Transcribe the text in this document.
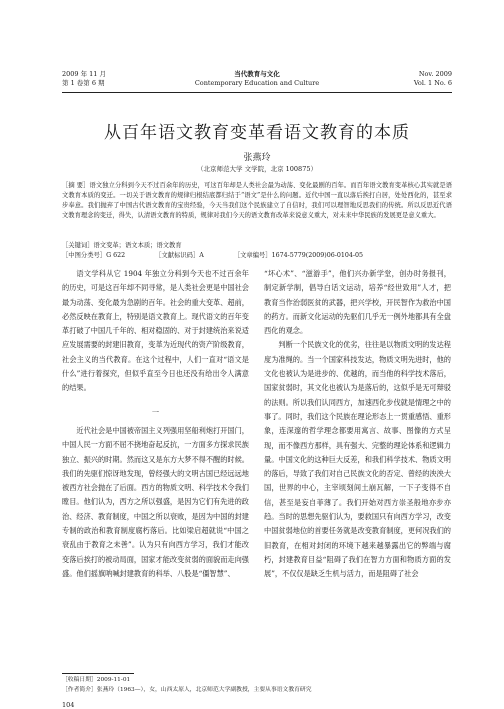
2009 年 11 月
第 1 卷第 6 期
当代教育与文化
Contemporary Education and Culture
Nov. 2009
Vol. 1 No. 6
从百年语文教育变革看语文教育的本质
张燕玲
（北京师范大学 文学院，北京 100875）
［摘 要］语文独立分科到今天不过百余年的历史，可这百年却是人类社会最为动荡、变化最剧的百年。而百年语文教育变革核心其实就是语文教育本质的变迁。一切关于语文教育的规律归根结底都归结于“语文”是什么的问题。近代中国一直以落后挨打自居，处处西化的，甚至求步奉意。我们抛弃了中国古代语文教育的宝贵经验，今天当我们这个民族建立了自信时，我们可以理智地反思我们的传统。所以反思近代语文教育理念的变迁，得失，认清语文教育的特质，规律对我们今天的语文教育改革来说意义重大，对未来中华民族的发展更是意义重大。
［关键词］语文变革；语文本质；语文教育
［中图分类号］G 622	［文献标识码］A	［文章编号］1674-5779(2009)06-0104-05

语文学科从它 1904 年独立分科到今天也不过百余年的历史，可是这百年却不同寻常，是人类社会更是中国社会最为动荡、变化最为急剧的百年。社会的重大变革、超前，必然反映在教育上，特别是语文教育上。现代语文的百年变革打破了中国几千年的、相对稳固的、对于封建统治来说适应发展需要的封建旧教育，变革为近现代的资产阶级教育，社会主义的当代教育。在这个过程中，人们一直对“语文是什么”进行着探究，但似乎直至今日也还没有给出令人满意的结果。

一

近代社会是中国被帝国主义列强用坚船利炮打开国门，中国人民一方面不屈不挠地奋起反抗，一方面多方探求民族独立、振兴的时期。然而这又是东方大梦不得不醒的时候。我们的先驱们惊讶地发现，曾经强大的文明古国已经远远地被西方社会抛在了后面。西方的物质文明、科学技术令我们瞠目。他们认为，西方之所以强盛，是因为它们有先进的政治、经济、教育制度，中国之所以衰败，是因为中国的封建专制的政治和教育制度腐朽落后。比如梁启超就说“中国之衰乱由于教育之未善”。认为只有向西方学习，我们才能改变落后挨打的被动局面，国家才能改变贫弱的面貌而走向强盛。他们摇旗呐喊封建教育的科举、八股是“僵智慧”、

“坏心术”、“滋游手”，他们兴办新学堂，创办时务报刊，制定新学制，倡导白话文运动，培养“经世致用”人才，把教育当作治弱医贫的武器，把兴学校，开民智作为救治中国的药方。而新文化运动的先驱们几乎无一例外地都具有全盘西化的观念。

判断一个民族文化的优劣，往往是以物质文明的发达程度为准绳的。当一个国家科技发达，物质文明先进时，他的文化也被认为是进步的、优越的，而当他的科学技术落后，国家贫弱时，其文化也被认为是落后的，这似乎是无可辩驳的法则。所以我们认同西方，加速西化步伐就是情理之中的事了。同时，我们这个民族在理论形态上一贯重感悟、重形象，连深邃的哲学理念都要用寓言、故事、图像的方式呈现，而不像西方那样，具有强大、完整的理论体系和逻辑力量。中国文化的这种巨大反差，和我们科学技术、物质文明的落后，导致了我们对自己民族文化的否定、曾经的泱泱大国，世界的中心，主宰顷刻间土崩瓦解，一下子变得不自信，甚至是妄自菲薄了。我们开始对西方崇圣般地亦步亦趋。当时的思想先驱们认为，要救国只有向西方学习，改变中国贫弱地位的首要任务就是改变教育制度，更何况我们的旧教育，在相对封闭的环境下越来越暴露出它的弊端与腐朽，封建教育目益“阻碍了我们在智力方面和物质方面的发展”，不仅仅是缺乏生机与活力，而是阻碍了社会

［收稿日期］2009-11-01
［作者简介］张燕玲（1963—），女，山西太原人，北京师范大学副教授，主要从事语文教育研究
104
